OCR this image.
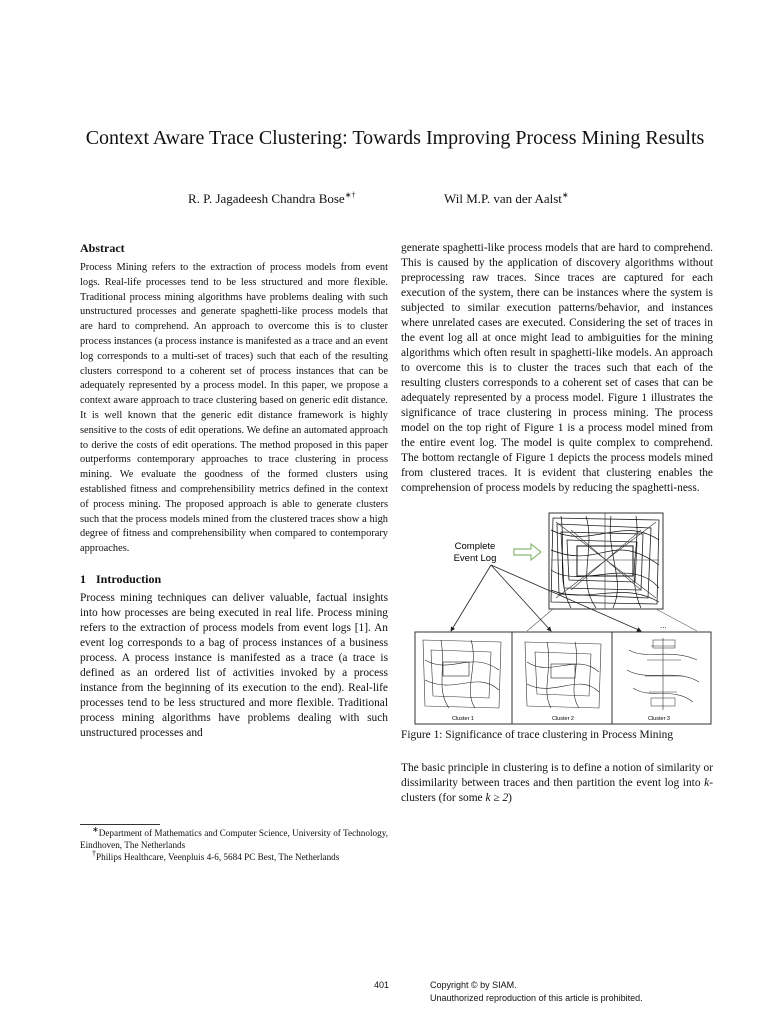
Context Aware Trace Clustering: Towards Improving Process Mining Results
R. P. Jagadeesh Chandra Bose∗†	Wil M.P. van der Aalst∗
Abstract

Process Mining refers to the extraction of process models from event logs. Real-life processes tend to be less structured and more flexible. Traditional process mining algorithms have problems dealing with such unstructured processes and generate spaghetti-like process models that are hard to comprehend. An approach to overcome this is to cluster process instances (a process instance is manifested as a trace and an event log corresponds to a multi-set of traces) such that each of the resulting clusters correspond to a coherent set of process instances that can be adequately represented by a process model. In this paper, we propose a context aware approach to trace clustering based on generic edit distance. It is well known that the generic edit distance framework is highly sensitive to the costs of edit operations. We define an automated approach to derive the costs of edit operations. The method proposed in this paper outperforms contemporary approaches to trace clustering in process mining. We evaluate the goodness of the formed clusters using established fitness and comprehensibility metrics defined in the context of process mining. The proposed approach is able to generate clusters such that the process models mined from the clustered traces show a high degree of fitness and comprehensibility when compared to contemporary approaches.

1 Introduction

Process mining techniques can deliver valuable, factual insights into how processes are being executed in real life. Process mining refers to the extraction of process models from event logs [1]. An event log corresponds to a bag of process instances of a business process. A process instance is manifested as a trace (a trace is defined as an ordered list of activities invoked by a process instance from the beginning of its execution to the end). Real-life processes tend to be less structured and more flexible. Traditional process mining algorithms have problems dealing with such unstructured processes and

generate spaghetti-like process models that are hard to comprehend. This is caused by the application of discovery algorithms without preprocessing raw traces. Since traces are captured for each execution of the system, there can be instances where the system is subjected to similar execution patterns/behavior, and instances where unrelated cases are executed. Considering the set of traces in the event log all at once might lead to ambiguities for the mining algorithms which often result in spaghetti-like models. An approach to overcome this is to cluster the traces such that each of the resulting clusters corresponds to a coherent set of cases that can be adequately represented by a process model. Figure 1 illustrates the significance of trace clustering in process mining. The process model on the top right of Figure 1 is a process model mined from the entire event log. The model is quite complex to comprehend. The bottom rectangle of Figure 1 depicts the process models mined from clustered traces. It is evident that clustering enables the comprehension of process models by reducing the spaghetti-ness.

Complete
Event Log
...
Cluster 1	Cluster 2	Cluster 3

Figure 1: Significance of trace clustering in Process Mining

The basic principle in clustering is to define a notion of similarity or dissimilarity between traces and then partition the event log into k-clusters (for some k ≥ 2)

∗Department of Mathematics and Computer Science, University of Technology, Eindhoven, The Netherlands

†Philips Healthcare, Veenpluis 4-6, 5684 PC Best, The Netherlands

401	Copyright © by SIAM.
Unauthorized reproduction of this article is prohibited.
